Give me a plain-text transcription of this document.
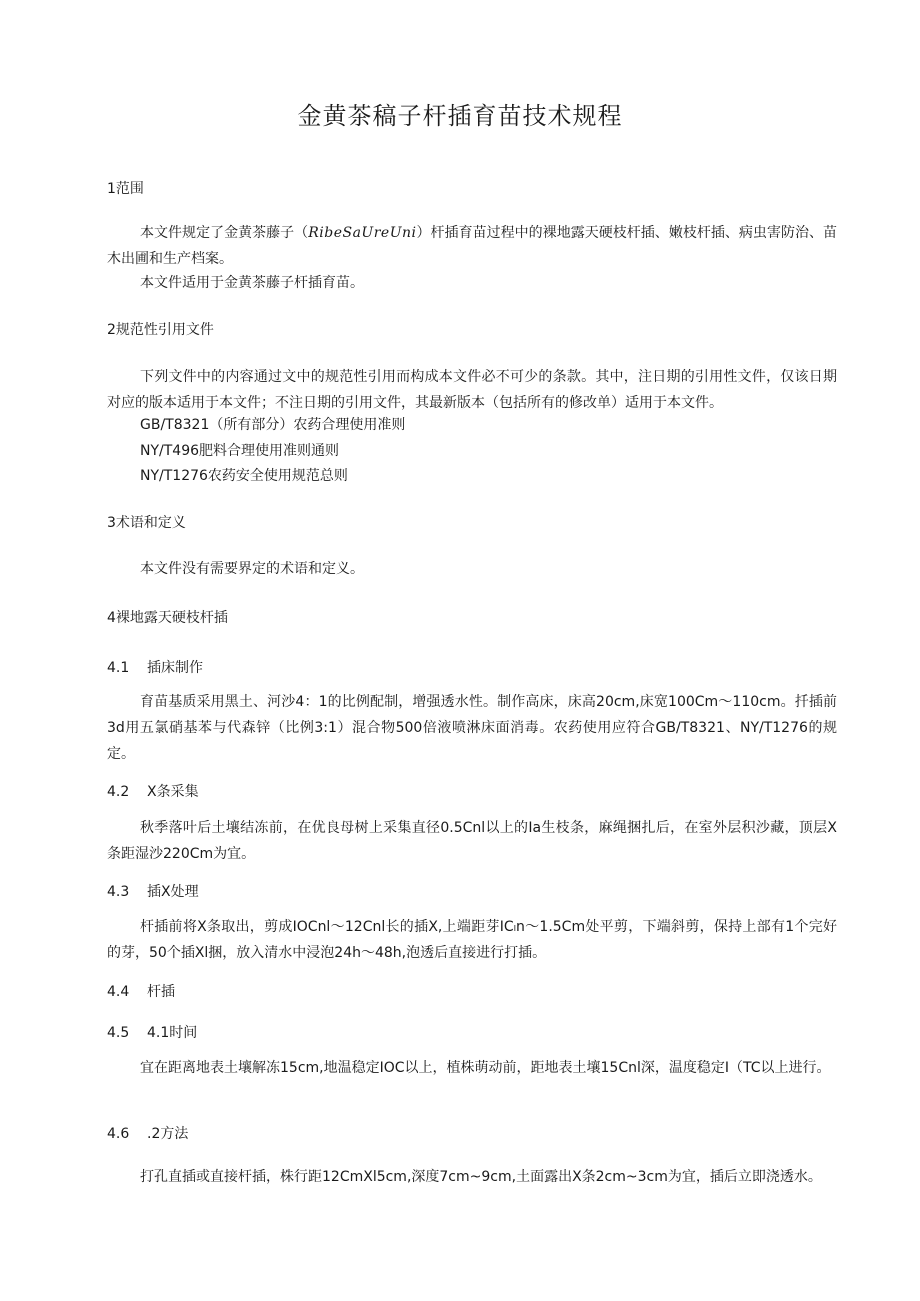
金黄茶稿子杆插育苗技术规程
1范围

本文件规定了金黄茶藤子（RibeSaUreUni）杆插育苗过程中的裸地露天硬枝杆插、嫩枝杆插、病虫害防治、苗木出圃和生产档案。

本文件适用于金黄茶藤子杆插育苗。

2规范性引用文件

下列文件中的内容通过文中的规范性引用而构成本文件必不可少的条款。其中，注日期的引用性文件，仅该日期对应的版本适用于本文件；不注日期的引用文件，其最新版本（包括所有的修改单）适用于本文件。

GB/T8321（所有部分）农药合理使用准则
NY/T496肥料合理使用准则通则
NY/T1276农药安全使用规范总则
3术语和定义

本文件没有需要界定的术语和定义。

4裸地露天硬枝杆插
4.1 插床制作

育苗基质采用黑土、河沙4：1的比例配制，增强透水性。制作高床，床高20cm,床宽100Cm～110cm。扦插前3d用五氯硝基苯与代森锌（比例3:1）混合物500倍液喷淋床面消毒。农药使用应符合GB/T8321、NY/T1276的规定。

4.2 X条采集

秋季落叶后土壤结冻前，在优良母树上采集直径0.5Cnl以上的Ia生枝条，麻绳捆扎后，在室外层积沙藏，顶层X条距湿沙220Cm为宜。

4.3 插X处理

杆插前将X条取出，剪成IOCnl～12Cnl长的插X,上端距芽ICₗn～1.5Cm处平剪，下端斜剪，保持上部有1个完好的芽，50个插Xl捆，放入清水中浸泡24h～48h,泡透后直接进行打插。

4.4 杆插
4.5 4.1时间

宜在距离地表土壤解冻15cm,地温稳定IOC以上，植株萌动前，距地表土壤15Cnl深，温度稳定I（TC以上进行。

4.6 .2方法

打孔直插或直接杆插，株行距12CmXl5cm,深度7cm~9cm,土面露出X条2cm~3cm为宜，插后立即浇透水。
